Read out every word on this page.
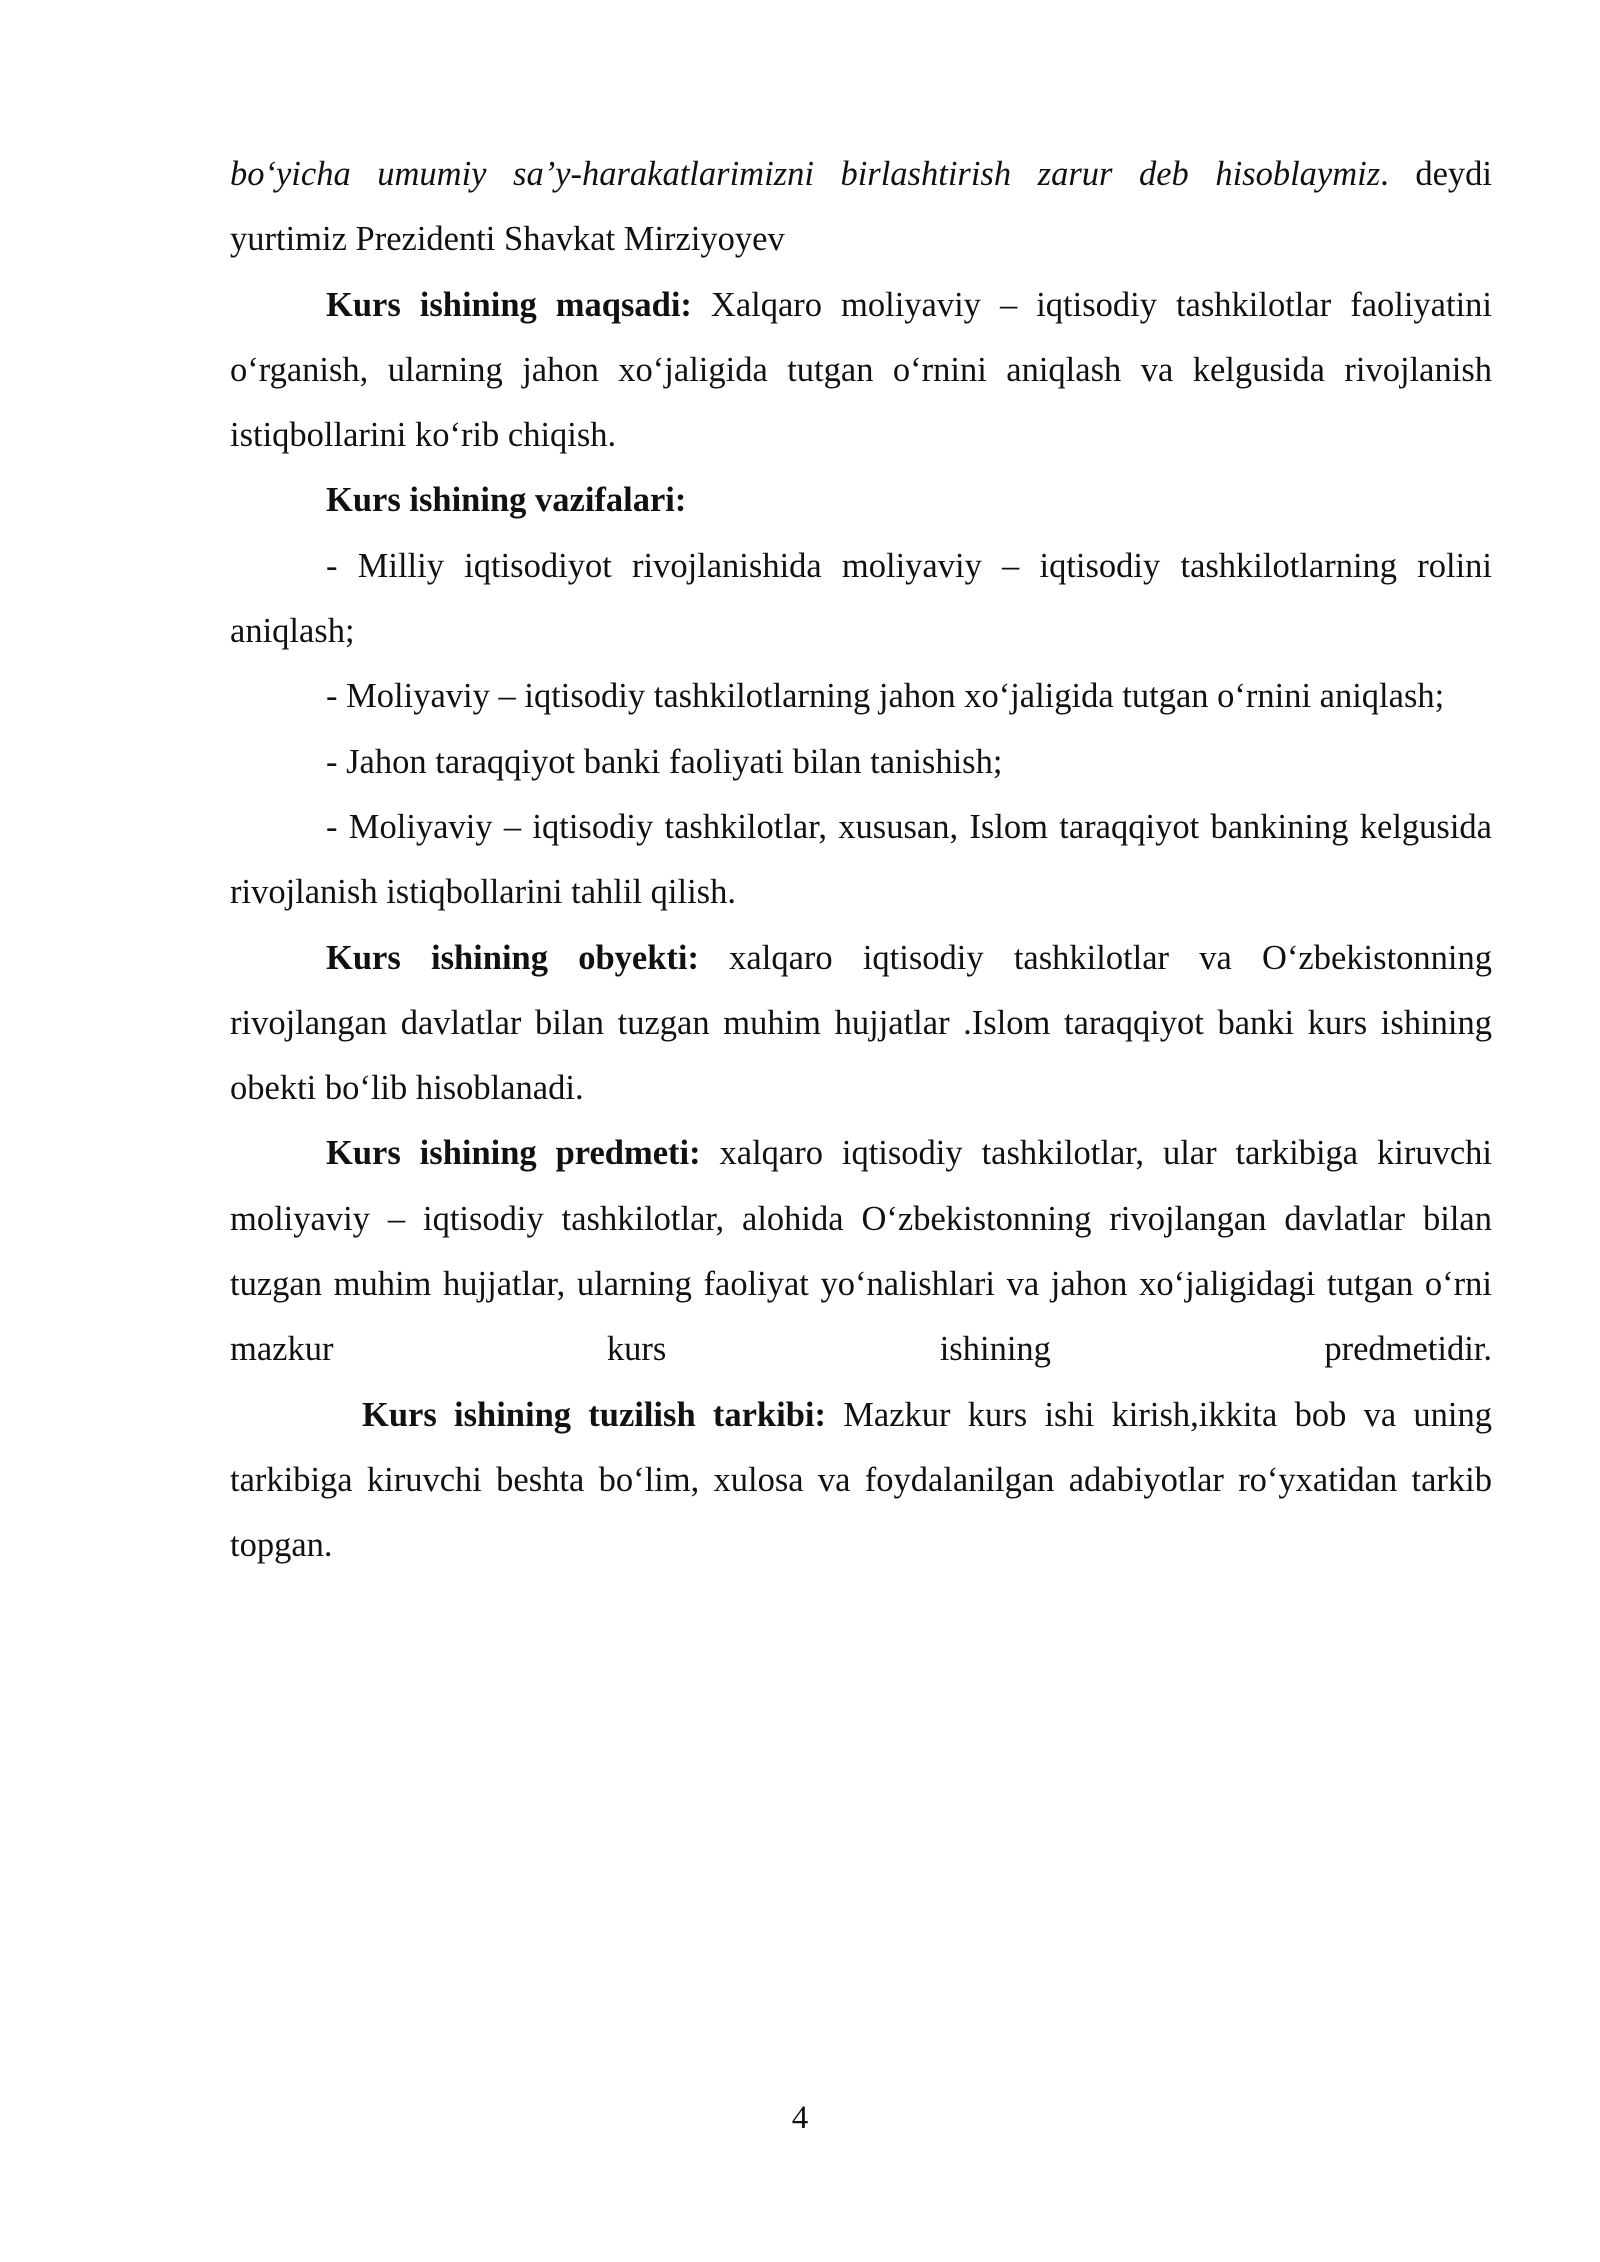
bo‘yicha umumiy sa’y-harakatlarimizni birlashtirish zarur deb hisoblaymiz. deydi yurtimiz Prezidenti Shavkat Mirziyoyev

Kurs ishining maqsadi: Xalqaro moliyaviy – iqtisodiy tashkilotlar faoliyatini o‘rganish, ularning jahon xo‘jaligida tutgan o‘rnini aniqlash va kelgusida rivojlanish istiqbollarini ko‘rib chiqish.

Kurs ishining vazifalari:

- Milliy iqtisodiyot rivojlanishida moliyaviy – iqtisodiy tashkilotlarning rolini aniqlash;

- Moliyaviy – iqtisodiy tashkilotlarning jahon xo‘jaligida tutgan o‘rnini aniqlash;

- Jahon taraqqiyot banki faoliyati bilan tanishish;

- Moliyaviy – iqtisodiy tashkilotlar, xususan, Islom taraqqiyot bankining kelgusida rivojlanish istiqbollarini tahlil qilish.

Kurs ishining obyekti: xalqaro iqtisodiy tashkilotlar va O‘zbekistonning rivojlangan davlatlar bilan tuzgan muhim hujjatlar .Islom taraqqiyot banki kurs ishining obekti bo‘lib hisoblanadi.

Kurs ishining predmeti: xalqaro iqtisodiy tashkilotlar, ular tarkibiga kiruvchi moliyaviy – iqtisodiy tashkilotlar, alohida O‘zbekistonning rivojlangan davlatlar bilan tuzgan muhim hujjatlar, ularning faoliyat yo‘nalishlari va jahon xo‘jaligidagi tutgan o‘rni mazkur kurs ishining predmetidir.

Kurs ishining tuzilish tarkibi: Mazkur kurs ishi kirish,ikkita bob va uning tarkibiga kiruvchi beshta bo‘lim, xulosa va foydalanilgan adabiyotlar ro‘yxatidan tarkib topgan.

4
